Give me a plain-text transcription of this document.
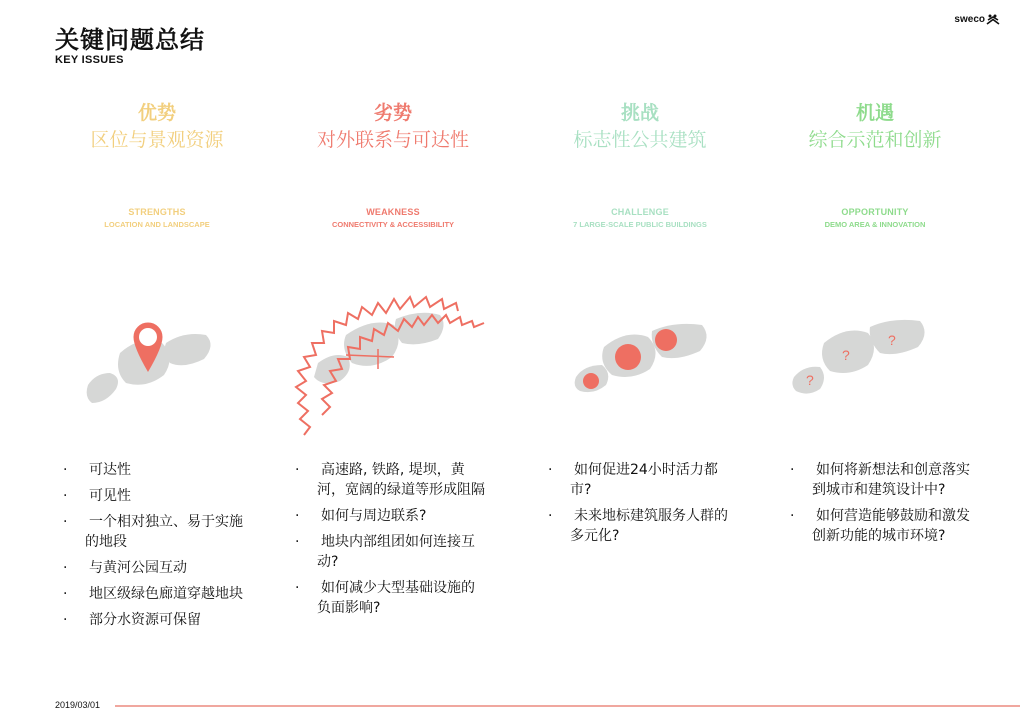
关键问题总结
KEY ISSUES
sweco
优势
区位与景观资源
STRENGTHS
LOCATION AND LANDSCAPE
· 可达性
· 可见性
· 一个相对独立、易于实施的地段
· 与黄河公园互动
· 地区级绿色廊道穿越地块
· 部分水资源可保留
劣势
对外联系与可达性
WEAKNESS
CONNECTIVITY & ACCESSIBILITY
· 高速路, 铁路, 堤坝，黄河，宽阔的绿道等形成阻隔
· 如何与周边联系?
· 地块内部组团如何连接互动?
· 如何减少大型基础设施的负面影响?
挑战
标志性公共建筑
CHALLENGE
7 LARGE-SCALE PUBLIC BUILDINGS
· 如何促进24小时活力都市?
· 未来地标建筑服务人群的多元化?
机遇
综合示范和创新
OPPORTUNITY
DEMO AREA & INNOVATION
?
?
?
· 如何将新想法和创意落实到城市和建筑设计中?
· 如何营造能够鼓励和激发创新功能的城市环境?
2019/03/01
